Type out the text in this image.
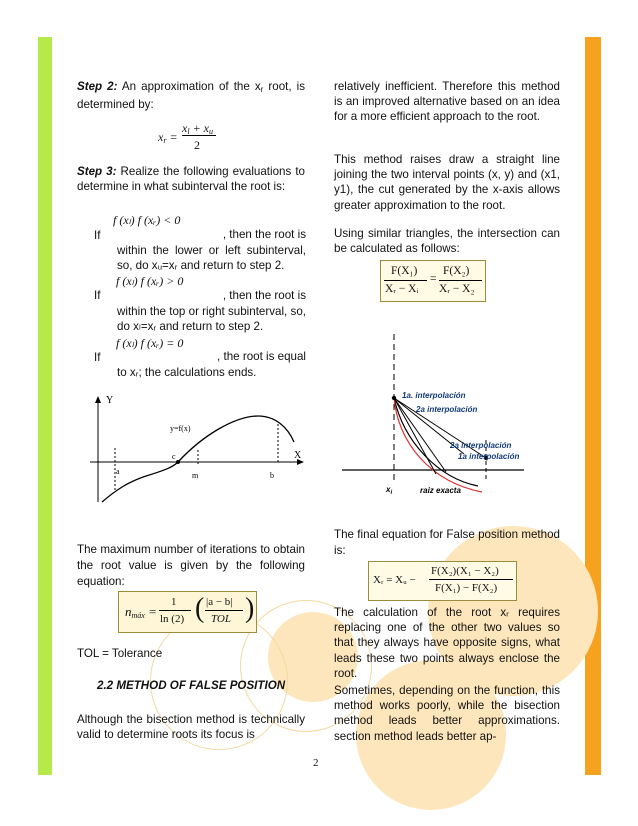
Step 2: An approximation of the $x_r$ root, is determined by:

$x_r$ =
$x_l + x_u$
2

Step 3: Realize the following evaluations to determine in what subinterval the root is:

f (xₗ) f (xᵣ) < 0
If	, then the root is
within the lower or left subinterval, so, do xᵤ=xᵣ and return to step 2.
f (xₗ) f (xᵣ) > 0
If	, then the root is
within the top or right subinterval, so, do xₗ=xᵣ and return to step 2.
f (xₗ) f (xᵣ) = 0
If	, the root is equal
to xᵣ; the calculations ends.
Y
X
y=f(x)
a	b
c
m
The maximum number of iterations to obtain the root value is given by the following equation:
$n_{máx}$ =
1
ln (2) ( |a − b|
TOL )
TOL = Tolerance
2.2 METHOD OF FALSE POSITION
Although the bisection method is technically valid to determine roots its focus is
relatively inefficient. Therefore this method is an improved alternative based on an idea for a more efficient approach to the root.
This method raises draw a straight line joining the two interval points (x, y) and (x1, y1), the cut generated by the x-axis allows greater approximation to the root.
Using similar triangles, the intersection can be calculated as follows:
F(X₁)
Xᵣ − Xᵢ
=
F(X₂)
Xᵣ − X₂
1a. interpolación
2a interpolación
2a interpolación
1a interpolación
$x_i$	raiz exacta
The final equation for False position method is:
Xᵣ = Xᵤ −
F(X₂)(X₁ − X₂)
F(X₁) − F(X₂)
The calculation of the root xᵣ requires replacing one of the other two values so that they always have opposite signs, what leads these two points always enclose the root.
Sometimes, depending on the function, this method works poorly, while the bisection method leads better approximations. section method leads better ap-
2
